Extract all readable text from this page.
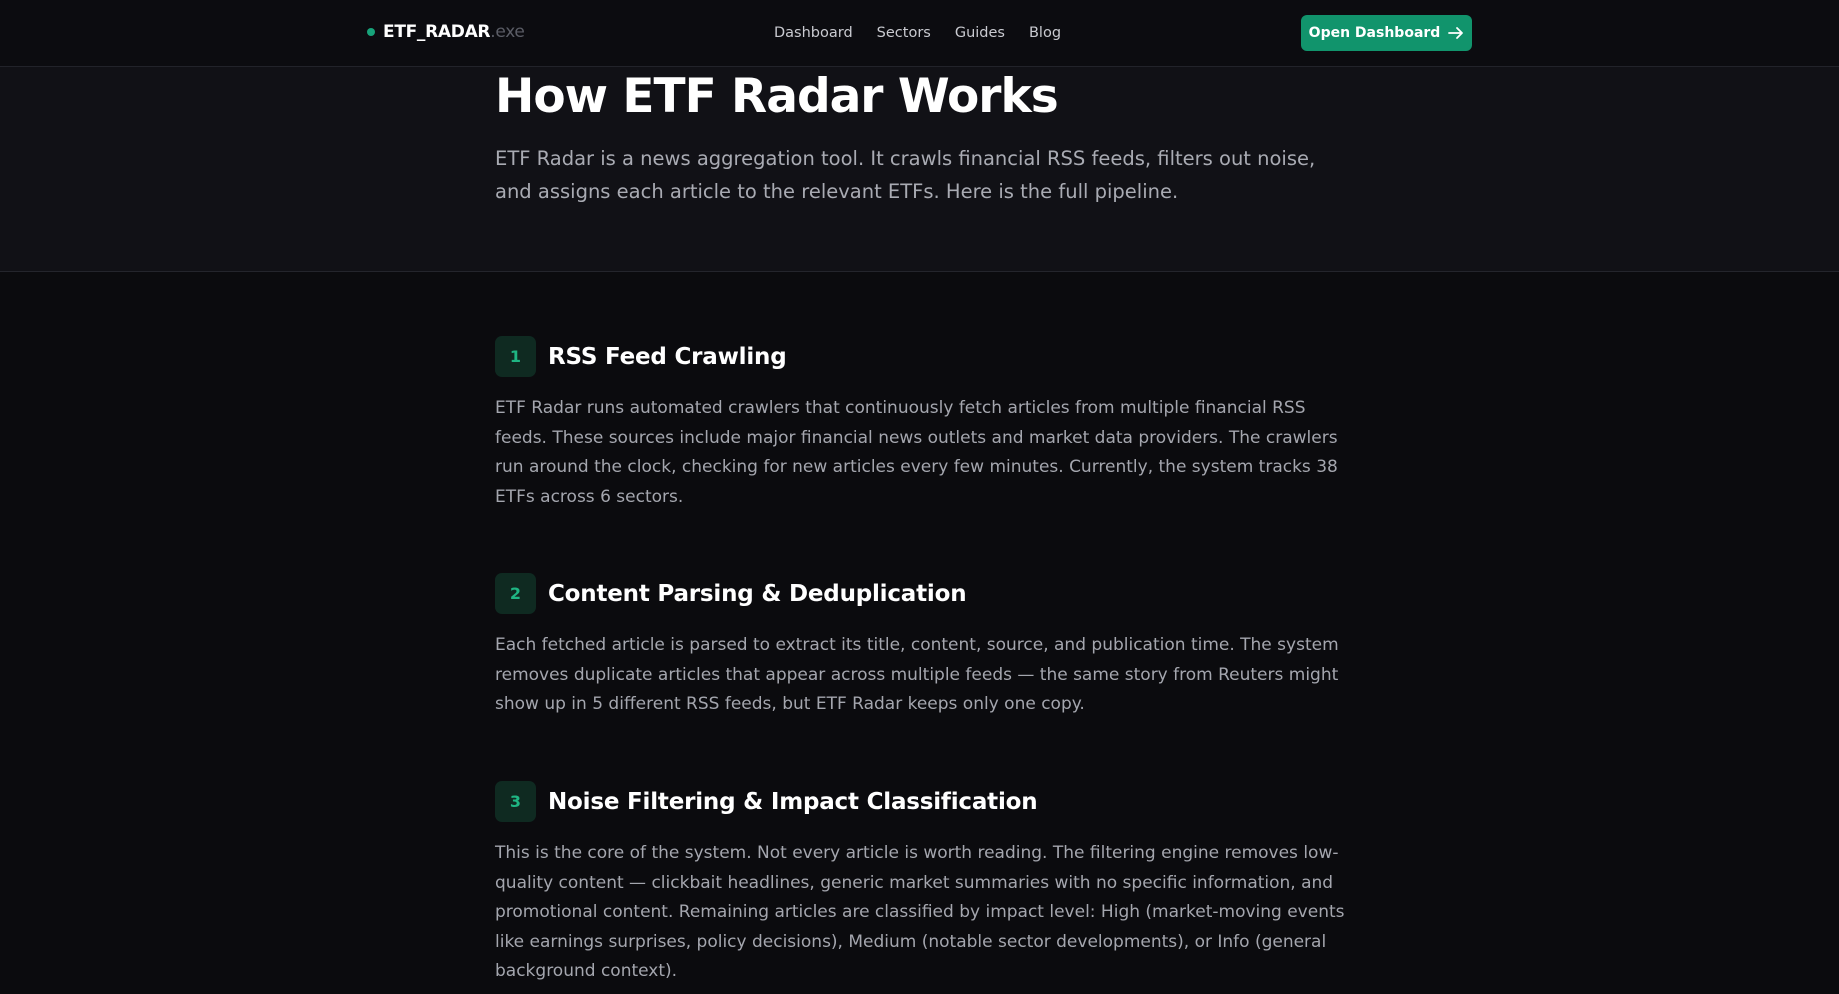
ETF_RADAR .exe	Dashboard Sectors Guides Blog	Open Dashboard
How ETF Radar Works

ETF Radar is a news aggregation tool. It crawls financial RSS feeds, filters out noise, and assigns each article to the relevant ETFs. Here is the full pipeline.

1	RSS Feed Crawling

ETF Radar runs automated crawlers that continuously fetch articles from multiple financial RSS feeds. These sources include major financial news outlets and market data providers. The crawlers run around the clock, checking for new articles every few minutes. Currently, the system tracks 38 ETFs across 6 sectors.

2	Content Parsing & Deduplication

Each fetched article is parsed to extract its title, content, source, and publication time. The system removes duplicate articles that appear across multiple feeds — the same story from Reuters might show up in 5 different RSS feeds, but ETF Radar keeps only one copy.

3	Noise Filtering & Impact Classification

This is the core of the system. Not every article is worth reading. The filtering engine removes low-quality content — clickbait headlines, generic market summaries with no specific information, and promotional content. Remaining articles are classified by impact level: High (market-moving events like earnings surprises, policy decisions), Medium (notable sector developments), or Info (general background context).
